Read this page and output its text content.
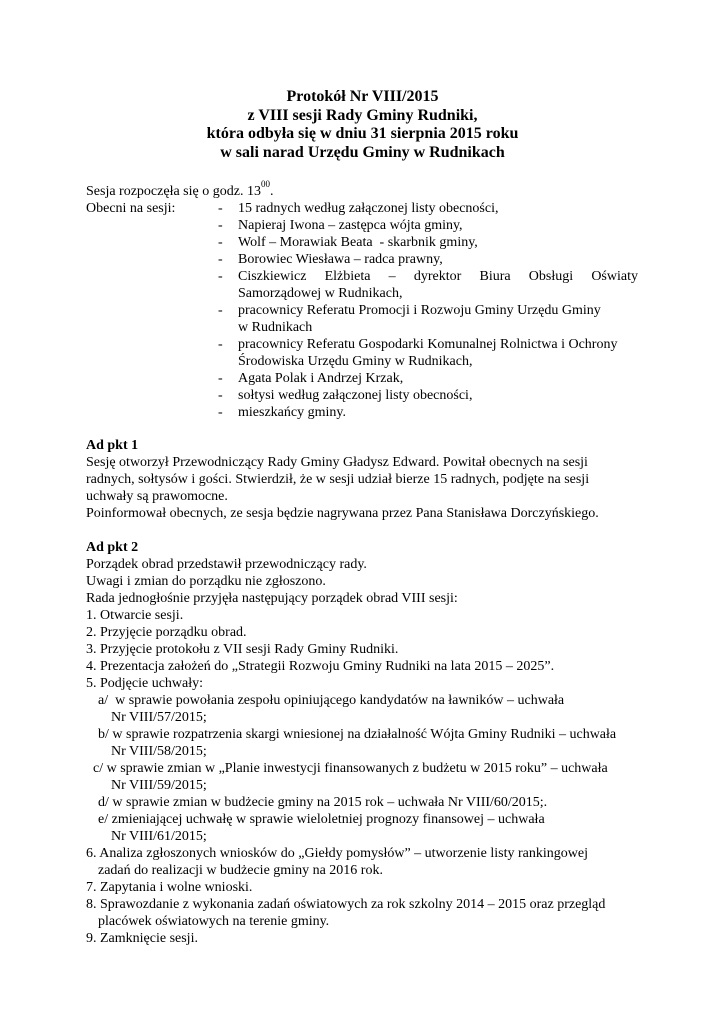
Protokół Nr VIII/2015
z VIII sesji Rady Gminy Rudniki,
która odbyła się w dniu 31 sierpnia 2015 roku
w sali narad Urzędu Gminy w Rudnikach
Sesja rozpoczęła się o godz. $13^{00}$.
Obecni na sesji:	- 15 radnych według załączonej listy obecności,
- Napieraj Iwona – zastępca wójta gminy,
- Wolf – Morawiak Beata  - skarbnik gminy,
- Borowiec Wiesława – radca prawny,
- Ciszkiewicz Elżbieta – dyrektor Biura Obsługi Oświaty
Samorządowej w Rudnikach,
- pracownicy Referatu Promocji i Rozwoju Gminy Urzędu Gminy
w Rudnikach
- pracownicy Referatu Gospodarki Komunalnej Rolnictwa i Ochrony
Środowiska Urzędu Gminy w Rudnikach,
- Agata Polak i Andrzej Krzak,
- sołtysi według załączonej listy obecności,
- mieszkańcy gminy.
Ad pkt 1
Sesję otworzył Przewodniczący Rady Gminy Gładysz Edward. Powitał obecnych na sesji
radnych, sołtysów i gości. Stwierdził, że w sesji udział bierze 15 radnych, podjęte na sesji
uchwały są prawomocne.
Poinformował obecnych, ze sesja będzie nagrywana przez Pana Stanisława Dorczyńskiego.
Ad pkt 2
Porządek obrad przedstawił przewodniczący rady.
Uwagi i zmian do porządku nie zgłoszono.
Rada jednogłośnie przyjęła następujący porządek obrad VIII sesji:
1. Otwarcie sesji.
2. Przyjęcie porządku obrad.
3. Przyjęcie protokołu z VII sesji Rady Gminy Rudniki.
4. Prezentacja założeń do „Strategii Rozwoju Gminy Rudniki na lata 2015 – 2025”.
5. Podjęcie uchwały:
a/  w sprawie powołania zespołu opiniującego kandydatów na ławników – uchwała
Nr VIII/57/2015;
b/ w sprawie rozpatrzenia skargi wniesionej na działalność Wójta Gminy Rudniki – uchwała
Nr VIII/58/2015;
c/ w sprawie zmian w „Planie inwestycji finansowanych z budżetu w 2015 roku” – uchwała
Nr VIII/59/2015;
d/ w sprawie zmian w budżecie gminy na 2015 rok – uchwała Nr VIII/60/2015;.
e/ zmieniającej uchwałę w sprawie wieloletniej prognozy finansowej – uchwała
Nr VIII/61/2015;
6. Analiza zgłoszonych wniosków do „Giełdy pomysłów” – utworzenie listy rankingowej
zadań do realizacji w budżecie gminy na 2016 rok.
7. Zapytania i wolne wnioski.
8. Sprawozdanie z wykonania zadań oświatowych za rok szkolny 2014 – 2015 oraz przegląd
placówek oświatowych na terenie gminy.
9. Zamknięcie sesji.
